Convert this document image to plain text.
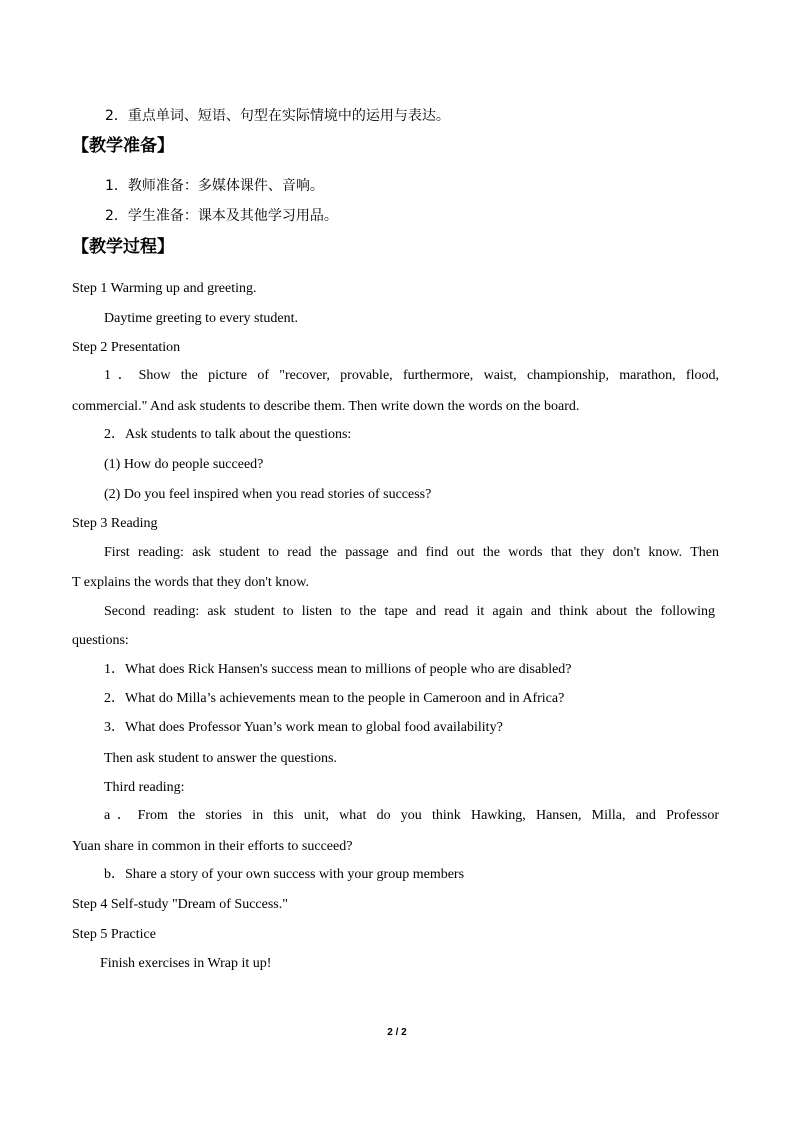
2．重点单词、短语、句型在实际情境中的运用与表达。
【教学准备】
1．教师准备：多媒体课件、音响。
2．学生准备：课本及其他学习用品。
【教学过程】
Step 1 Warming up and greeting.
Daytime greeting to every student.
Step 2 Presentation
1．Show the picture of "recover, provable, furthermore, waist, championship, marathon, flood,
commercial." And ask students to describe them. Then write down the words on the board.
2．Ask students to talk about the questions:
(1) How do people succeed?
(2) Do you feel inspired when you read stories of success?
Step 3 Reading
First reading: ask student to read the passage and find out the words that they don't know. Then
T explains the words that they don't know.
Second reading: ask student to listen to the tape and read it again and think about the following
questions:
1．What does Rick Hansen's success mean to millions of people who are disabled?
2．What do Milla’s achievements mean to the people in Cameroon and in Africa?
3．What does Professor Yuan’s work mean to global food availability?
Then ask student to answer the questions.
Third reading:
a．From the stories in this unit, what do you think Hawking, Hansen, Milla, and Professor
Yuan share in common in their efforts to succeed?
b．Share a story of your own success with your group members
Step 4 Self-study "Dream of Success."
Step 5 Practice
Finish exercises in Wrap it up!
2 / 2
